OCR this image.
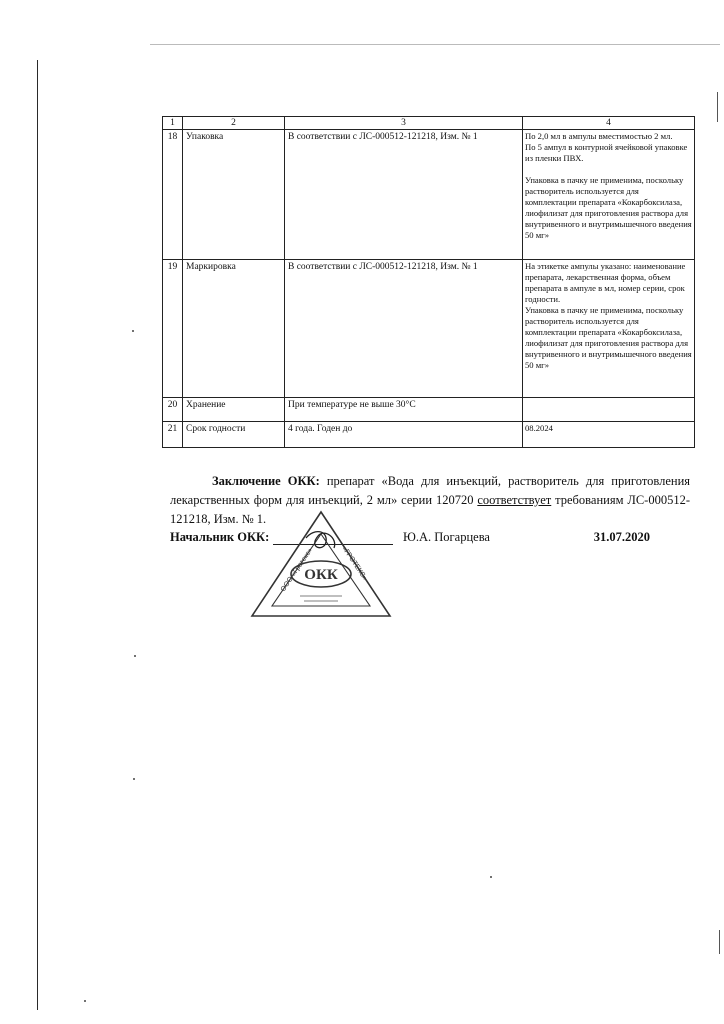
1	2	3	4
18	Упаковка	В соответствии с ЛС-000512-121218, Изм. № 1	По 2,0 мл в ампулы вместимостью 2 мл.
По 5 ампул в контурной ячейковой упаковке из пленки ПВХ.
Упаковка в пачку не применима, поскольку растворитель используется для комплектации препарата «Кокарбоксилаза, лиофилизат для приготовления раствора для внутривенного и внутримышечного введения 50 мг»

19	Маркировка	В соответствии с ЛС-000512-121218, Изм. № 1	На этикетке ампулы указано: наименование препарата, лекарственная форма, объем препарата в ампуле в мл, номер серии, срок годности.
Упаковка в пачку не применима, поскольку растворитель используется для комплектации препарата «Кокарбоксилаза, лиофилизат для приготовления раствора для внутривенного и внутримышечного введения 50 мг»

20	Хранение	При температуре не выше 30°С	
21	Срок годности	4 года. Годен до	08.2024
Заключение ОКК: препарат «Вода для инъекций, растворитель для приготовления лекарственных форм для инъекций, 2 мл» серии 120720 соответствует требованиям ЛС-000512-121218, Изм. № 1.
Начальник ОКК:	Ю.А. Погарцева	31.07.2020
ОКК
ООО «Гротекс»	«ГРОТЕКС»
